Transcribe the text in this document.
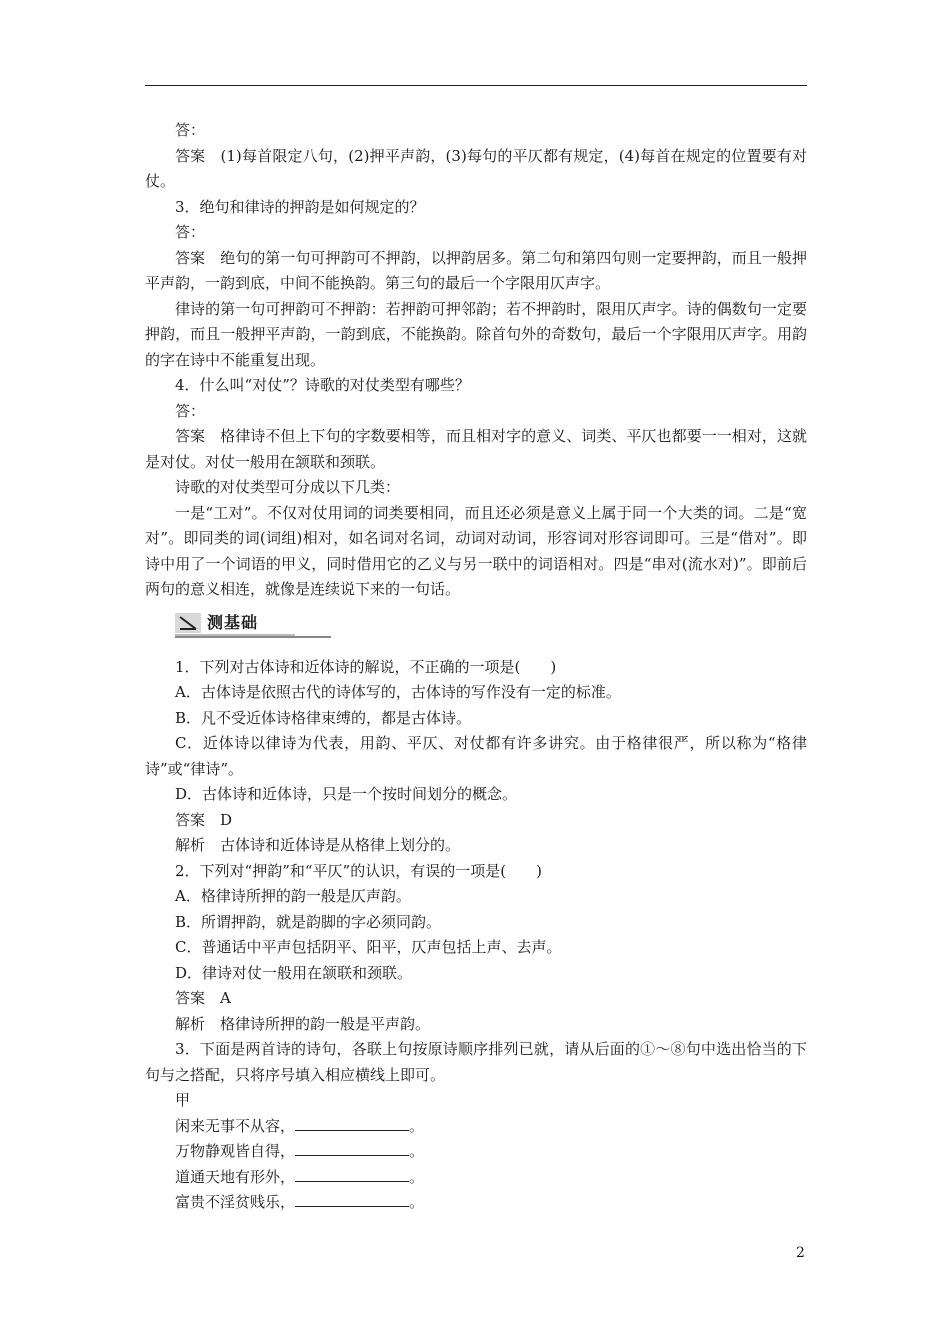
答：

答案　(1)每首限定八句，(2)押平声韵，(3)每句的平仄都有规定，(4)每首在规定的位置要有对仗。

3．绝句和律诗的押韵是如何规定的？

答：

答案　绝句的第一句可押韵可不押韵，以押韵居多。第二句和第四句则一定要押韵，而且一般押平声韵，一韵到底，中间不能换韵。第三句的最后一个字限用仄声字。

律诗的第一句可押韵可不押韵：若押韵可押邻韵；若不押韵时，限用仄声字。诗的偶数句一定要押韵，而且一般押平声韵，一韵到底，不能换韵。除首句外的奇数句，最后一个字限用仄声字。用韵的字在诗中不能重复出现。

4．什么叫“对仗”？诗歌的对仗类型有哪些？

答：

答案　格律诗不但上下句的字数要相等，而且相对字的意义、词类、平仄也都要一一相对，这就是对仗。对仗一般用在颔联和颈联。

诗歌的对仗类型可分成以下几类：

一是“工对”。不仅对仗用词的词类要相同，而且还必须是意义上属于同一个大类的词。二是“宽对”。即同类的词(词组)相对，如名词对名词，动词对动词，形容词对形容词即可。三是“借对”。即诗中用了一个词语的甲义，同时借用它的乙义与另一联中的词语相对。四是“串对(流水对)”。即前后两句的意义相连，就像是连续说下来的一句话。

测基础

1．下列对古体诗和近体诗的解说，不正确的一项是(　　)

A．古体诗是依照古代的诗体写的，古体诗的写作没有一定的标准。

B．凡不受近体诗格律束缚的，都是古体诗。

C．近体诗以律诗为代表，用韵、平仄、对仗都有许多讲究。由于格律很严，所以称为“格律诗”或“律诗”。

D．古体诗和近体诗，只是一个按时间划分的概念。

答案　D

解析　古体诗和近体诗是从格律上划分的。

2．下列对“押韵”和“平仄”的认识，有误的一项是(　　)

A．格律诗所押的韵一般是仄声韵。

B．所谓押韵，就是韵脚的字必须同韵。

C．普通话中平声包括阴平、阳平，仄声包括上声、去声。

D．律诗对仗一般用在颔联和颈联。

答案　A

解析　格律诗所押的韵一般是平声韵。

3．下面是两首诗的诗句，各联上句按原诗顺序排列已就，请从后面的①～⑧句中选出恰当的下句与之搭配，只将序号填入相应横线上即可。

甲

闲来无事不从容，	。

万物静观皆自得，	。

道通天地有形外，	。

富贵不淫贫贱乐，	。

2
